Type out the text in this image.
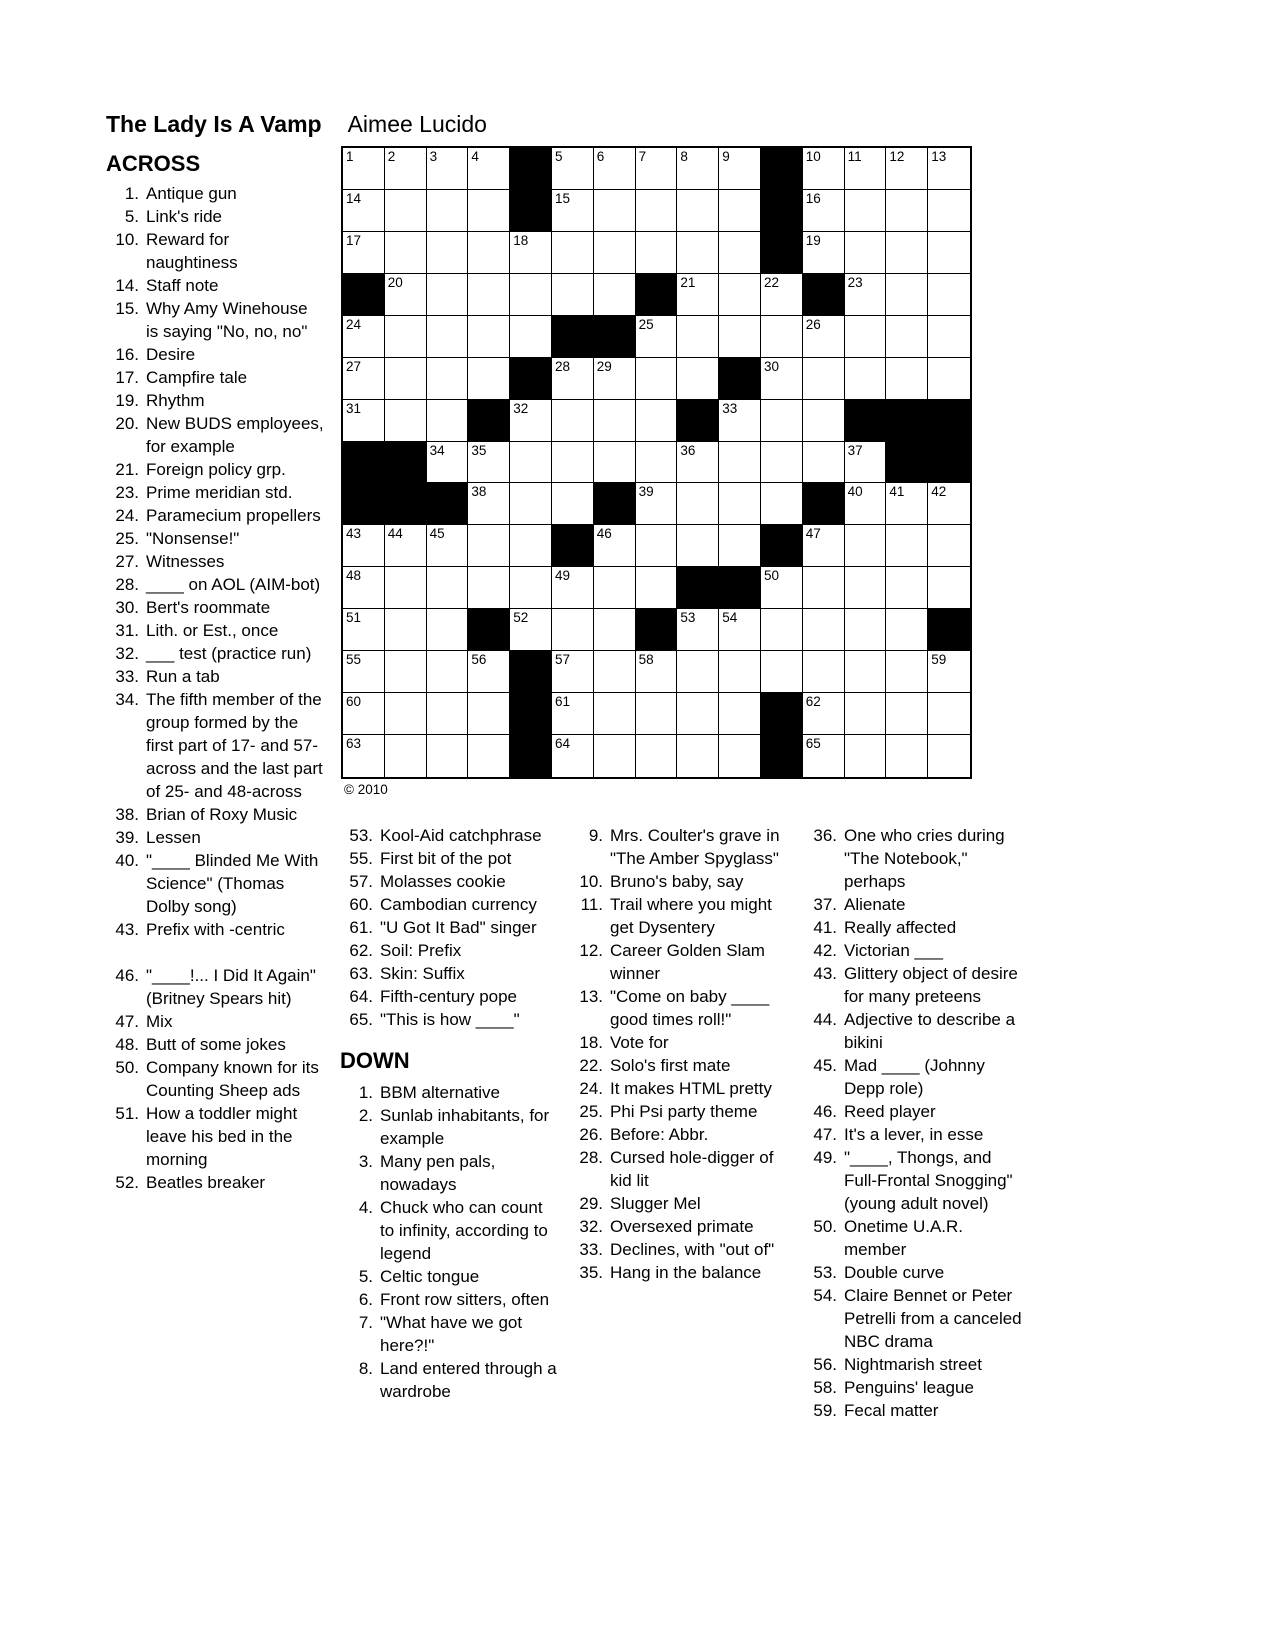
The Lady Is A Vamp Aimee Lucido
ACROSS
1. Antique gun
5. Link's ride
10. Reward for naughtiness
14. Staff note
15. Why Amy Winehouse is saying "No, no, no"
16. Desire
17. Campfire tale
19. Rhythm
20. New BUDS employees, for example
21. Foreign policy grp.
23. Prime meridian std.
24. Paramecium propellers
25. "Nonsense!"
27. Witnesses
28. ____ on AOL (AIM-bot)
30. Bert's roommate
31. Lith. or Est., once
32. ___ test (practice run)
33. Run a tab
34. The fifth member of the group formed by the first part of 17- and 57-across and the last part of 25- and 48-across
38. Brian of Roxy Music
39. Lessen
40. "____ Blinded Me With Science" (Thomas Dolby song)
43. Prefix with -centric
46. "____!... I Did It Again" (Britney Spears hit)
47. Mix
48. Butt of some jokes
50. Company known for its Counting Sheep ads
51. How a toddler might leave his bed in the morning
52. Beatles breaker
1	2	3	4	5	6	7	8	9	10 11 12 13
14	15	16
17	18	19
20	21	22	23
24	25	26
27	28 29	30
31	32	33
34 35	36	37
38	39	40 41 42
43 44 45	46	47
48	49	50
51	52	53 54
55	56	57	58	59
60	61	62
63	64	65
© 2010
53. Kool-Aid catchphrase
55. First bit of the pot
57. Molasses cookie
60. Cambodian currency
61. "U Got It Bad" singer
62. Soil: Prefix
63. Skin: Suffix
64. Fifth-century pope
65. "This is how ____"
DOWN
1. BBM alternative
2. Sunlab inhabitants, for example
3. Many pen pals, nowadays
4. Chuck who can count to infinity, according to legend
5. Celtic tongue
6. Front row sitters, often
7. "What have we got here?!"
8. Land entered through a wardrobe
9. Mrs. Coulter's grave in "The Amber Spyglass"
10. Bruno's baby, say
11. Trail where you might get Dysentery
12. Career Golden Slam winner
13. "Come on baby ____ good times roll!"
18. Vote for
22. Solo's first mate
24. It makes HTML pretty
25. Phi Psi party theme
26. Before: Abbr.
28. Cursed hole-digger of kid lit
29. Slugger Mel
32. Oversexed primate
33. Declines, with "out of"
35. Hang in the balance
36. One who cries during "The Notebook," perhaps
37. Alienate
41. Really affected
42. Victorian ___
43. Glittery object of desire for many preteens
44. Adjective to describe a bikini
45. Mad ____ (Johnny Depp role)
46. Reed player
47. It's a lever, in esse
49. "____, Thongs, and Full-Frontal Snogging" (young adult novel)
50. Onetime U.A.R. member
53. Double curve
54. Claire Bennet or Peter Petrelli from a canceled NBC drama
56. Nightmarish street
58. Penguins' league
59. Fecal matter
